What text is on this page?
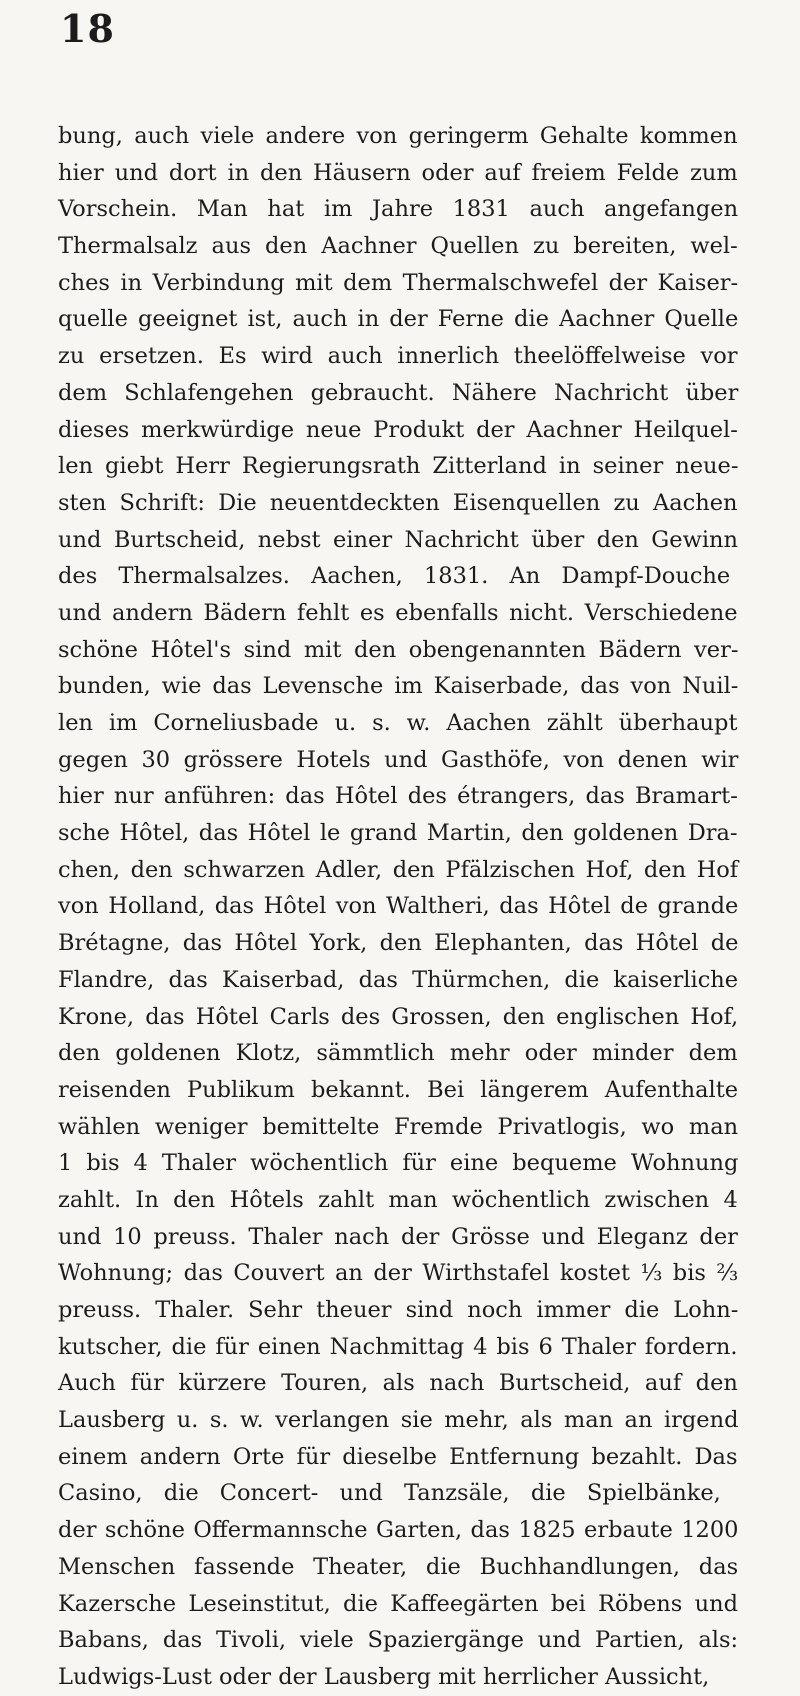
18
bung, auch viele andere von geringerm Gehalte kommen
hier und dort in den Häusern oder auf freiem Felde zum
Vorschein. Man hat im Jahre 1831 auch angefangen
Thermalsalz aus den Aachner Quellen zu bereiten, wel-
ches in Verbindung mit dem Thermalschwefel der Kaiser-
quelle geeignet ist, auch in der Ferne die Aachner Quelle
zu ersetzen. Es wird auch innerlich theelöffelweise vor
dem Schlafengehen gebraucht. Nähere Nachricht über
dieses merkwürdige neue Produkt der Aachner Heilquel-
len giebt Herr Regierungsrath Zitterland in seiner neue-
sten Schrift: Die neuentdeckten Eisenquellen zu Aachen
und Burtscheid, nebst einer Nachricht über den Gewinn
des Thermalsalzes. Aachen, 1831. An Dampf-Douche
und andern Bädern fehlt es ebenfalls nicht. Verschiedene
schöne Hôtel's sind mit den obengenannten Bädern ver-
bunden, wie das Levensche im Kaiserbade, das von Nuil-
len im Corneliusbade u. s. w. Aachen zählt überhaupt
gegen 30 grössere Hotels und Gasthöfe, von denen wir
hier nur anführen: das Hôtel des étrangers, das Bramart-
sche Hôtel, das Hôtel le grand Martin, den goldenen Dra-
chen, den schwarzen Adler, den Pfälzischen Hof, den Hof
von Holland, das Hôtel von Waltheri, das Hôtel de grande
Brétagne, das Hôtel York, den Elephanten, das Hôtel de
Flandre, das Kaiserbad, das Thürmchen, die kaiserliche
Krone, das Hôtel Carls des Grossen, den englischen Hof,
den goldenen Klotz, sämmtlich mehr oder minder dem
reisenden Publikum bekannt. Bei längerem Aufenthalte
wählen weniger bemittelte Fremde Privatlogis, wo man
1 bis 4 Thaler wöchentlich für eine bequeme Wohnung
zahlt. In den Hôtels zahlt man wöchentlich zwischen 4
und 10 preuss. Thaler nach der Grösse und Eleganz der
Wohnung; das Couvert an der Wirthstafel kostet ⅓ bis ⅔
preuss. Thaler. Sehr theuer sind noch immer die Lohn-
kutscher, die für einen Nachmittag 4 bis 6 Thaler fordern.
Auch für kürzere Touren, als nach Burtscheid, auf den
Lausberg u. s. w. verlangen sie mehr, als man an irgend
einem andern Orte für dieselbe Entfernung bezahlt. Das
Casino, die Concert- und Tanzsäle, die Spielbänke,
der schöne Offermannsche Garten, das 1825 erbaute 1200
Menschen fassende Theater, die Buchhandlungen, das
Kazersche Leseinstitut, die Kaffeegärten bei Röbens und
Babans, das Tivoli, viele Spaziergänge und Partien, als:
Ludwigs-Lust oder der Lausberg mit herrlicher Aussicht,
